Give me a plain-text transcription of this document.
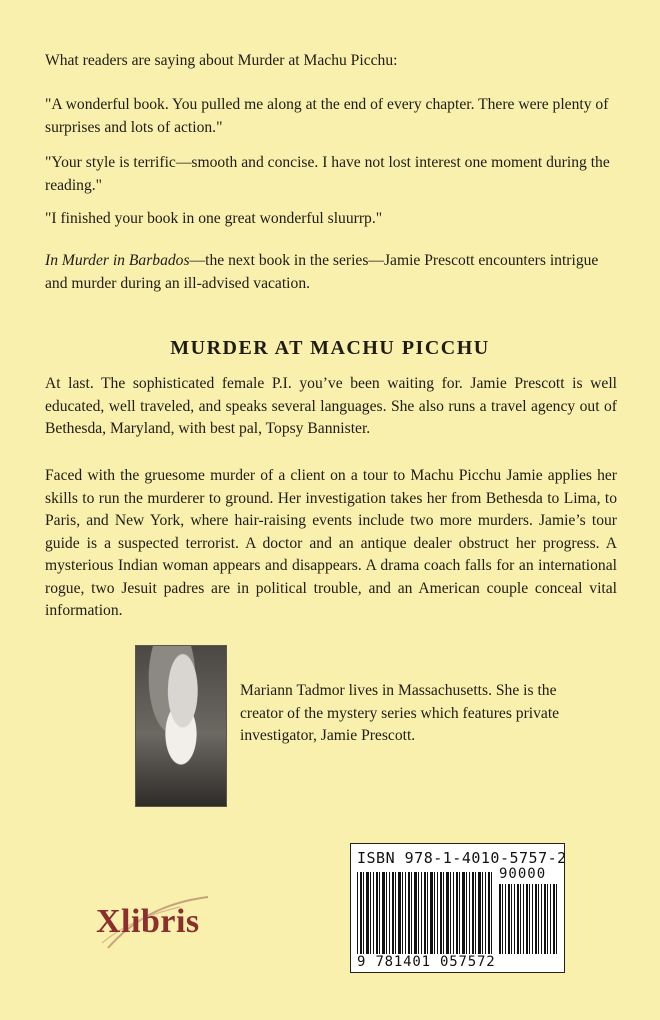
What readers are saying about Murder at Machu Picchu:

"A wonderful book. You pulled me along at the end of every chapter. There were plenty of surprises and lots of action."

"Your style is terrific—smooth and concise. I have not lost interest one moment during the reading."

"I finished your book in one great wonderful sluurrp."

In Murder in Barbados—the next book in the series—Jamie Prescott encounters intrigue and murder during an ill-advised vacation.

MURDER AT MACHU PICCHU

At last. The sophisticated female P.I. you’ve been waiting for. Jamie Prescott is well educated, well traveled, and speaks several languages. She also runs a travel agency out of Bethesda, Maryland, with best pal, Topsy Bannister.

Faced with the gruesome murder of a client on a tour to Machu Picchu Jamie applies her skills to run the murderer to ground. Her investigation takes her from Bethesda to Lima, to Paris, and New York, where hair-raising events include two more murders. Jamie’s tour guide is a suspected terrorist. A doctor and an antique dealer obstruct her progress. A mysterious Indian woman appears and disappears. A drama coach falls for an international rogue, two Jesuit padres are in political trouble, and an American couple conceal vital information.

Mariann Tadmor lives in Massachusetts. She is the creator of the mystery series which features private investigator, Jamie Prescott.

Xlibris
ISBN 978-1-4010-5757-2
90000
9 781401 057572
